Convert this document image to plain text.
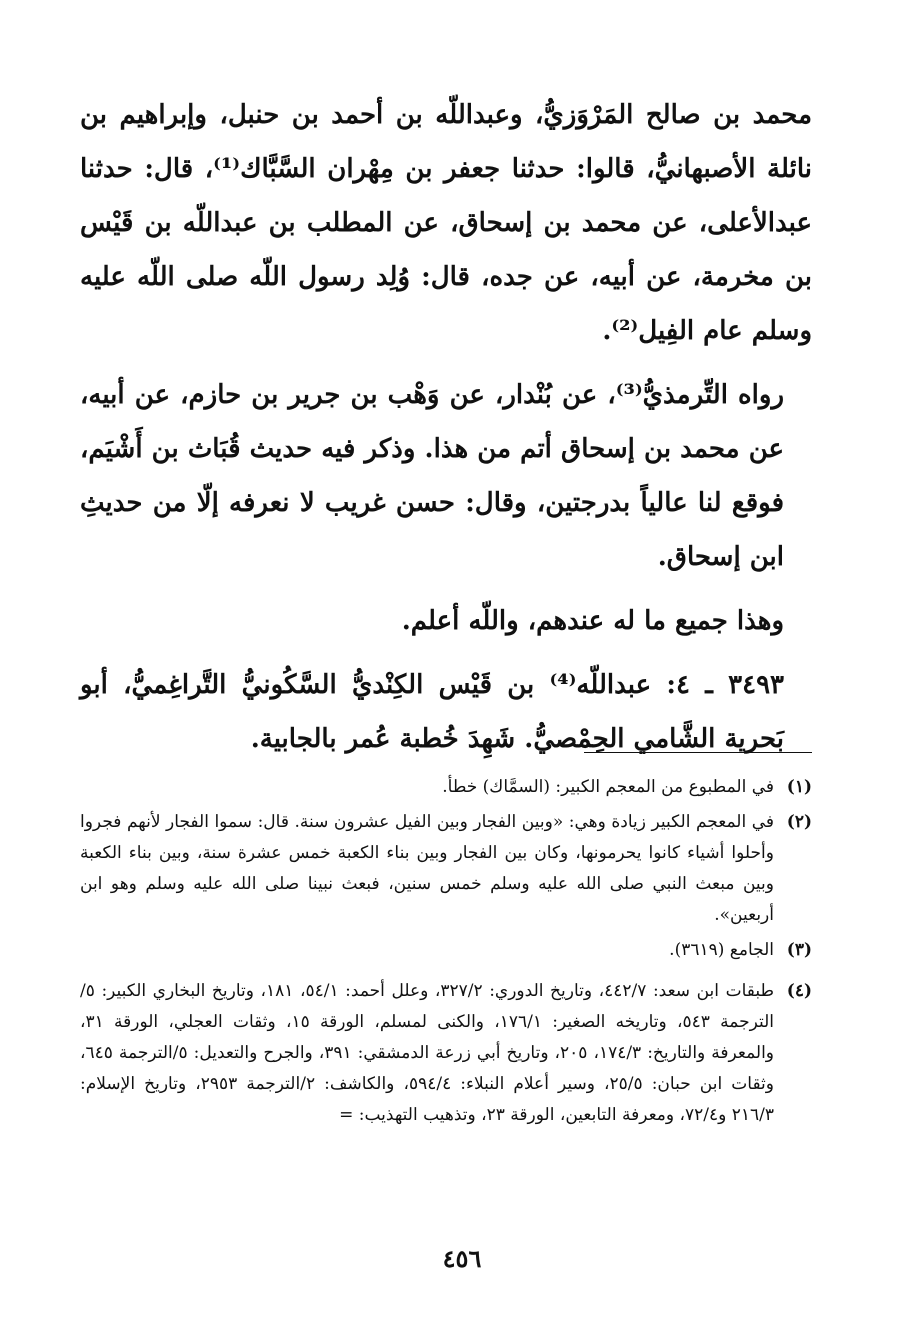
محمد بن صالح المَرْوَزيُّ، وعبداللّه بن أحمد بن حنبل، وإبراهيم بن نائلة الأصبهانيُّ، قالوا: حدثنا جعفر بن مِهْران السَّبَّاك⁽¹⁾، قال: حدثنا عبدالأعلى، عن محمد بن إسحاق، عن المطلب بن عبداللّه بن قَيْس بن مخرمة، عن أبيه، عن جده، قال: وُلِد رسول اللّه صلى اللّه عليه وسلم عام الفِيل⁽²⁾.

رواه التِّرمذيُّ⁽³⁾، عن بُنْدار، عن وَهْب بن جرير بن حازم، عن أبيه، عن محمد بن إسحاق أتم من هذا. وذكر فيه حديث قُبَاث بن أَشْيَم، فوقع لنا عالياً بدرجتين، وقال: حسن غريب لا نعرفه إلّا من حديثِ ابن إسحاق.

وهذا جميع ما له عندهم، واللّه أعلم.

٣٤٩٣ ـ ٤: عبداللّه⁽⁴⁾ بن قَيْس الكِنْديُّ السَّكُونيُّ التَّراغِميُّ، أبو بَحرية الشَّامي الحِمْصيُّ. شَهِدَ خُطبة عُمر بالجابية.

(١)
في المطبوع من المعجم الكبير: (السمَّاك) خطأ.
(٢)
في المعجم الكبير زيادة وهي: «وبين الفجار وبين الفيل عشرون سنة. قال: سموا الفجار لأنهم فجروا وأحلوا أشياء كانوا يحرمونها، وكان بين الفجار وبين بناء الكعبة خمس عشرة سنة، وبين بناء الكعبة وبين مبعث النبي صلى الله عليه وسلم خمس سنين، فبعث نبينا صلى الله عليه وسلم وهو ابن أربعين».
(٣)
الجامع (٣٦١٩).
(٤)
طبقات ابن سعد: ٤٤٢/٧، وتاريخ الدوري: ٣٢٧/٢، وعلل أحمد: ٥٤/١، ١٨١، وتاريخ البخاري الكبير: ٥/الترجمة ٥٤٣، وتاريخه الصغير: ١٧٦/١، والكنى لمسلم، الورقة ١٥، وثقات العجلي، الورقة ٣١، والمعرفة والتاريخ: ١٧٤/٣، ٢٠٥، وتاريخ أبي زرعة الدمشقي: ٣٩١، والجرح والتعديل: ٥/الترجمة ٦٤٥، وثقات ابن حبان: ٢٥/٥، وسير أعلام النبلاء: ٥٩٤/٤، والكاشف: ٢/الترجمة ٢٩٥٣، وتاريخ الإسلام: ٢١٦/٣ و٧٢/٤، ومعرفة التابعين، الورقة ٢٣، وتذهيب التهذيب: =
٤٥٦
